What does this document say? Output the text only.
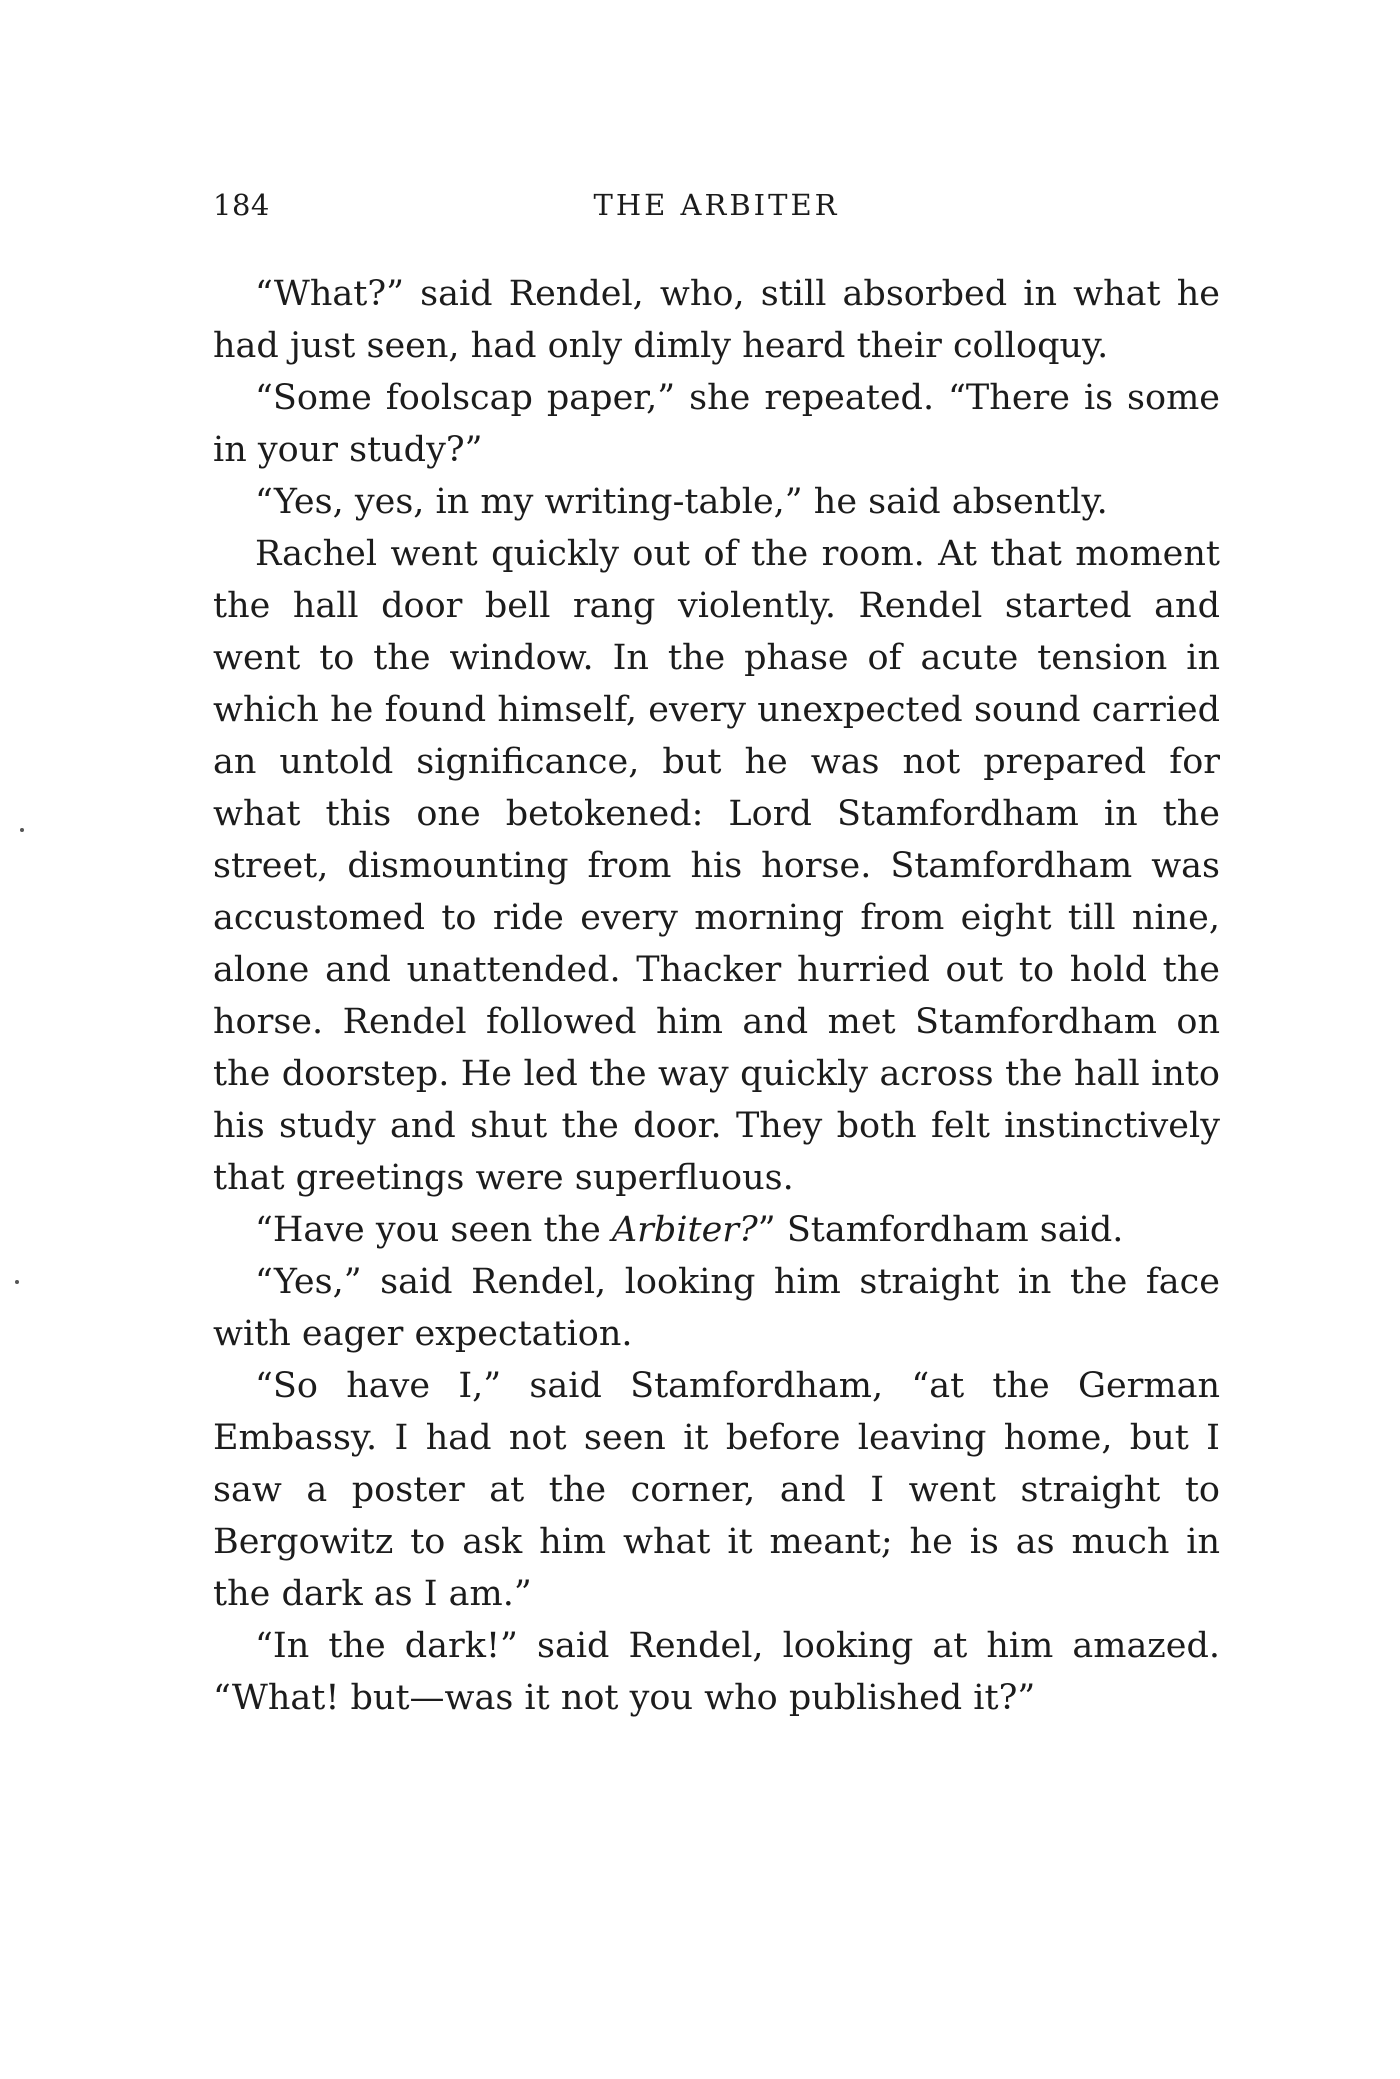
184	THE ARBITER

“What?” said Rendel, who, still absorbed in what he had just seen, had only dimly heard their colloquy.

“Some foolscap paper,” she repeated. “There is some in your study?”

“Yes, yes, in my writing-table,” he said absently.

Rachel went quickly out of the room. At that moment the hall door bell rang violently. Rendel started and went to the window. In the phase of acute tension in which he found himself, every unexpected sound carried an untold significance, but he was not prepared for what this one betokened: Lord Stamfordham in the street, dismounting from his horse. Stamfordham was accustomed to ride every morning from eight till nine, alone and unattended. Thacker hurried out to hold the horse. Rendel followed him and met Stamfordham on the doorstep. He led the way quickly across the hall into his study and shut the door. They both felt instinctively that greetings were superfluous.

“Have you seen the Arbiter?” Stamfordham said.

“Yes,” said Rendel, looking him straight in the face with eager expectation.

“So have I,” said Stamfordham, “at the German Embassy. I had not seen it before leaving home, but I saw a poster at the corner, and I went straight to Bergowitz to ask him what it meant; he is as much in the dark as I am.”

“In the dark!” said Rendel, looking at him amazed. “What! but—was it not you who published it?”
